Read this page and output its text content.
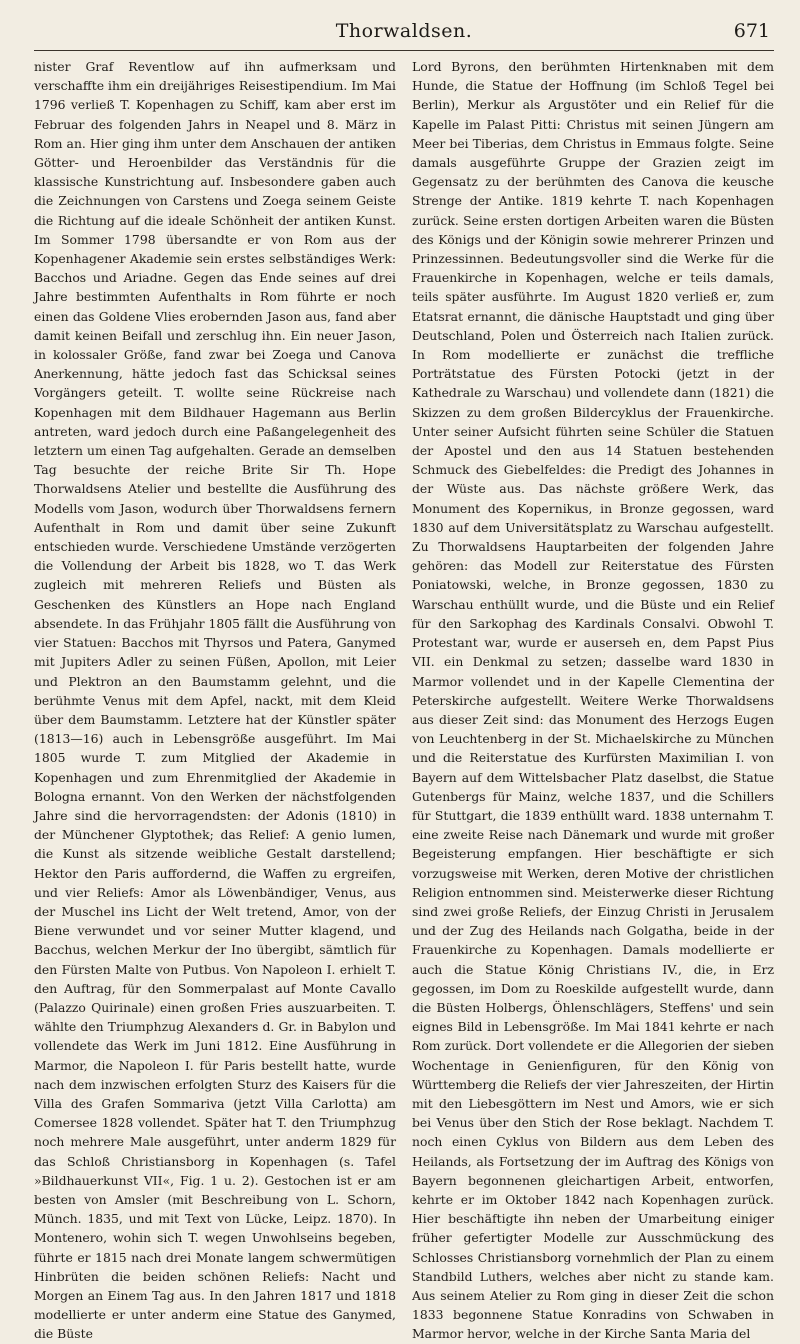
Thorwaldsen.	671

nister Graf Reventlow auf ihn aufmerksam und verschaffte ihm ein dreijähriges Reisestipendium. Im Mai 1796 verließ T. Kopenhagen zu Schiff, kam aber erst im Februar des folgenden Jahrs in Neapel und 8. März in Rom an. Hier ging ihm unter dem Anschauen der antiken Götter- und Heroenbilder das Verständnis für die klassische Kunstrichtung auf. Insbesondere gaben auch die Zeichnungen von Carstens und Zoega seinem Geiste die Richtung auf die ideale Schönheit der antiken Kunst. Im Sommer 1798 übersandte er von Rom aus der Kopenhagener Akademie sein erstes selbständiges Werk: Bacchos und Ariadne. Gegen das Ende seines auf drei Jahre bestimmten Aufenthalts in Rom führte er noch einen das Goldene Vlies erobernden Jason aus, fand aber damit keinen Beifall und zerschlug ihn. Ein neuer Jason, in kolossaler Größe, fand zwar bei Zoega und Canova Anerkennung, hätte jedoch fast das Schicksal seines Vorgängers geteilt. T. wollte seine Rückreise nach Kopenhagen mit dem Bildhauer Hagemann aus Berlin antreten, ward jedoch durch eine Paßangelegenheit des letztern um einen Tag aufgehalten. Gerade an demselben Tag besuchte der reiche Brite Sir Th. Hope Thorwaldsens Atelier und bestellte die Ausführung des Modells vom Jason, wodurch über Thorwaldsens fernern Aufenthalt in Rom und damit über seine Zukunft entschieden wurde. Verschiedene Umstände verzögerten die Vollendung der Arbeit bis 1828, wo T. das Werk zugleich mit mehreren Reliefs und Büsten als Geschenken des Künstlers an Hope nach England absendete. In das Frühjahr 1805 fällt die Ausführung von vier Statuen: Bacchos mit Thyrsos und Patera, Ganymed mit Jupiters Adler zu seinen Füßen, Apollon, mit Leier und Plektron an den Baumstamm gelehnt, und die berühmte Venus mit dem Apfel, nackt, mit dem Kleid über dem Baumstamm. Letztere hat der Künstler später (1813—16) auch in Lebensgröße ausgeführt. Im Mai 1805 wurde T. zum Mitglied der Akademie in Kopenhagen und zum Ehrenmitglied der Akademie in Bologna ernannt. Von den Werken der nächstfolgenden Jahre sind die hervorragendsten: der Adonis (1810) in der Münchener Glyptothek; das Relief: A genio lumen, die Kunst als sitzende weibliche Gestalt darstellend; Hektor den Paris auffordernd, die Waffen zu ergreifen, und vier Reliefs: Amor als Löwenbändiger, Venus, aus der Muschel ins Licht der Welt tretend, Amor, von der Biene verwundet und vor seiner Mutter klagend, und Bacchus, welchen Merkur der Ino übergibt, sämtlich für den Fürsten Malte von Putbus. Von Napoleon I. erhielt T. den Auftrag, für den Sommerpalast auf Monte Cavallo (Palazzo Quirinale) einen großen Fries auszuarbeiten. T. wählte den Triumphzug Alexanders d. Gr. in Babylon und vollendete das Werk im Juni 1812. Eine Ausführung in Marmor, die Napoleon I. für Paris bestellt hatte, wurde nach dem inzwischen erfolgten Sturz des Kaisers für die Villa des Grafen Sommariva (jetzt Villa Carlotta) am Comersee 1828 vollendet. Später hat T. den Triumphzug noch mehrere Male ausgeführt, unter anderm 1829 für das Schloß Christiansborg in Kopenhagen (s. Tafel »Bildhauerkunst VII«, Fig. 1 u. 2). Gestochen ist er am besten von Amsler (mit Beschreibung von L. Schorn, Münch. 1835, und mit Text von Lücke, Leipz. 1870). In Montenero, wohin sich T. wegen Unwohlseins begeben, führte er 1815 nach drei Monate langem schwermütigen Hinbrüten die beiden schönen Reliefs: Nacht und Morgen an Einem Tag aus. In den Jahren 1817 und 1818 modellierte er unter anderm eine Statue des Ganymed, die Büste

Lord Byrons, den berühmten Hirtenknaben mit dem Hunde, die Statue der Hoffnung (im Schloß Tegel bei Berlin), Merkur als Argustöter und ein Relief für die Kapelle im Palast Pitti: Christus mit seinen Jüngern am Meer bei Tiberias, dem Christus in Emmaus folgte. Seine damals ausgeführte Gruppe der Grazien zeigt im Gegensatz zu der berühmten des Canova die keusche Strenge der Antike. 1819 kehrte T. nach Kopenhagen zurück. Seine ersten dortigen Arbeiten waren die Büsten des Königs und der Königin sowie mehrerer Prinzen und Prinzessinnen. Bedeutungsvoller sind die Werke für die Frauenkirche in Kopenhagen, welche er teils damals, teils später ausführte. Im August 1820 verließ er, zum Etatsrat ernannt, die dänische Hauptstadt und ging über Deutschland, Polen und Österreich nach Italien zurück. In Rom modellierte er zunächst die treffliche Porträtstatue des Fürsten Potocki (jetzt in der Kathedrale zu Warschau) und vollendete dann (1821) die Skizzen zu dem großen Bildercyklus der Frauenkirche. Unter seiner Aufsicht führten seine Schüler die Statuen der Apostel und den aus 14 Statuen bestehenden Schmuck des Giebelfeldes: die Predigt des Johannes in der Wüste aus. Das nächste größere Werk, das Monument des Kopernikus, in Bronze gegossen, ward 1830 auf dem Universitätsplatz zu Warschau aufgestellt. Zu Thorwaldsens Hauptarbeiten der folgenden Jahre gehören: das Modell zur Reiterstatue des Fürsten Poniatowski, welche, in Bronze gegossen, 1830 zu Warschau enthüllt wurde, und die Büste und ein Relief für den Sarkophag des Kardinals Consalvi. Obwohl T. Protestant war, wurde er auserseh en, dem Papst Pius VII. ein Denkmal zu setzen; dasselbe ward 1830 in Marmor vollendet und in der Kapelle Clementina der Peterskirche aufgestellt. Weitere Werke Thorwaldsens aus dieser Zeit sind: das Monument des Herzogs Eugen von Leuchtenberg in der St. Michaelskirche zu München und die Reiterstatue des Kurfürsten Maximilian I. von Bayern auf dem Wittelsbacher Platz daselbst, die Statue Gutenbergs für Mainz, welche 1837, und die Schillers für Stuttgart, die 1839 enthüllt ward. 1838 unternahm T. eine zweite Reise nach Dänemark und wurde mit großer Begeisterung empfangen. Hier beschäftigte er sich vorzugsweise mit Werken, deren Motive der christlichen Religion entnommen sind. Meisterwerke dieser Richtung sind zwei große Reliefs, der Einzug Christi in Jerusalem und der Zug des Heilands nach Golgatha, beide in der Frauenkirche zu Kopenhagen. Damals modellierte er auch die Statue König Christians IV., die, in Erz gegossen, im Dom zu Roeskilde aufgestellt wurde, dann die Büsten Holbergs, Öhlenschlägers, Steffens' und sein eignes Bild in Lebensgröße. Im Mai 1841 kehrte er nach Rom zurück. Dort vollendete er die Allegorien der sieben Wochentage in Genienfiguren, für den König von Württemberg die Reliefs der vier Jahreszeiten, der Hirtin mit den Liebesgöttern im Nest und Amors, wie er sich bei Venus über den Stich der Rose beklagt. Nachdem T. noch einen Cyklus von Bildern aus dem Leben des Heilands, als Fortsetzung der im Auftrag des Königs von Bayern begonnenen gleichartigen Arbeit, entworfen, kehrte er im Oktober 1842 nach Kopenhagen zurück. Hier beschäftigte ihn neben der Umarbeitung einiger früher gefertigter Modelle zur Ausschmückung des Schlosses Christiansborg vornehmlich der Plan zu einem Standbild Luthers, welches aber nicht zu stande kam. Aus seinem Atelier zu Rom ging in dieser Zeit die schon 1833 begonnene Statue Konradins von Schwaben in Marmor hervor, welche in der Kirche Santa Maria del
